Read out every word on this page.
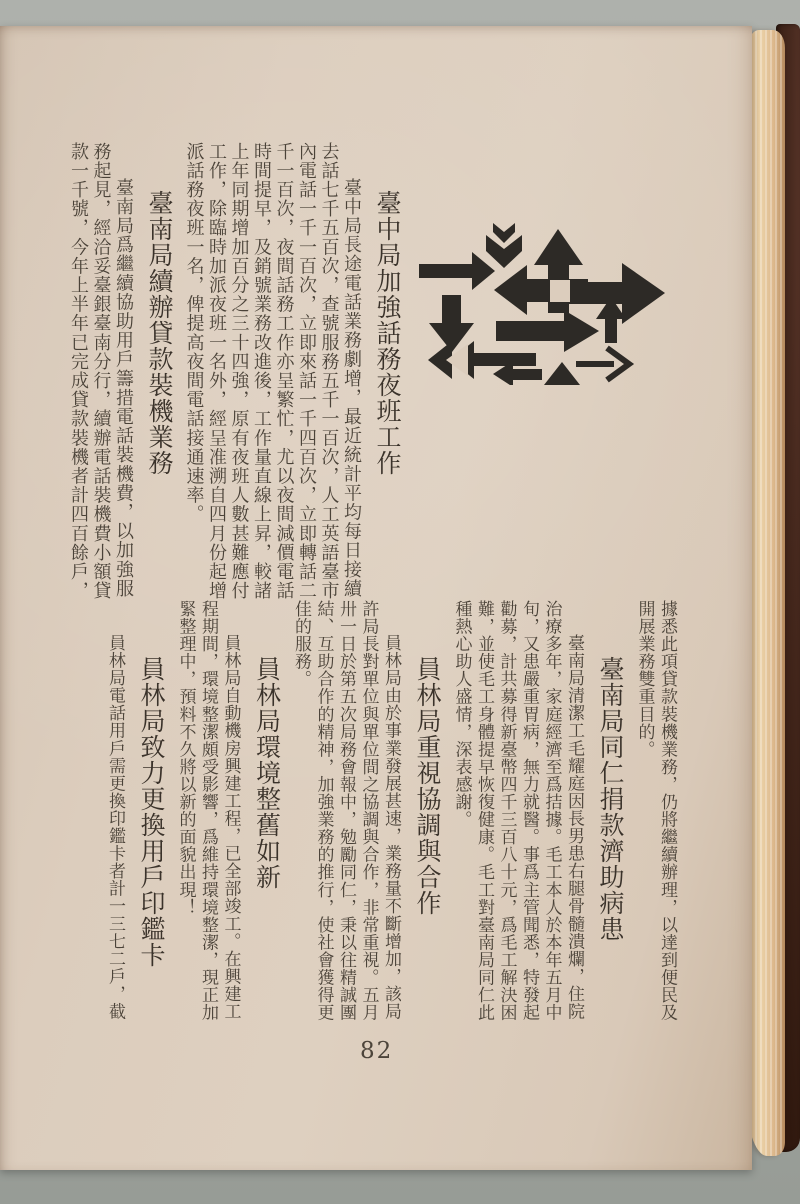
臺中局加強話務夜班工作

臺中局長途電話業務劇增，最近統計平均每日接續去話七千五百次，查號服務五千一百次，人工英語臺市內電話一千一百次，立即來話一千四百次，立即轉話二千一百次，夜間話務工作亦呈繁忙，尤以夜間減價電話時間提早，及銷號業務改進後，工作量直線上昇，較諸上年同期增加百分之三十四強，原有夜班人數甚難應付工作，除臨時加派夜班一名外，經呈准溯自四月份起增派話務夜班一名，俾提高夜間電話接通速率。

臺南局續辦貸款裝機業務

臺南局爲繼續協助用戶籌措電話裝機費，以加強服務起見，經洽妥臺銀臺南分行，續辦電話裝機費小額貸款一千號，今年上半年已完成貸款裝機者計四百餘戶，

據悉此項貸款裝機業務，仍將繼續辦理，以達到便民及開展業務雙重目的。

臺南局同仁捐款濟助病患

臺南局清潔工毛耀庭因長男患右腿骨髓潰爛，住院治療多年，家庭經濟至爲拮據。毛工本人於本年五月中旬，又患嚴重胃病，無力就醫。事爲主管聞悉，特發起勸募，計共募得新臺幣四千三百八十元，爲毛工解決困難，並使毛工身體提早恢復健康。毛工對臺南局同仁此種熱心助人盛情，深表感謝。

員林局重視協調與合作

員林局由於事業發展甚速，業務量不斷增加，該局許局長對單位與單位間之協調與合作，非常重視。五月卅一日於第五次局務會報中，勉勵同仁，秉以往精誠團結、互助合作的精神，加強業務的推行，使社會獲得更佳的服務。

員林局環境整舊如新

員林局自動機房興建工程，已全部竣工。在興建工程期間，環境整潔頗受影響，爲維持環境整潔，現正加緊整理中，預料不久將以新的面貌出現！

員林局致力更換用戶印鑑卡

員林局電話用戶需更換印鑑卡者計一三七二戶，截

82
